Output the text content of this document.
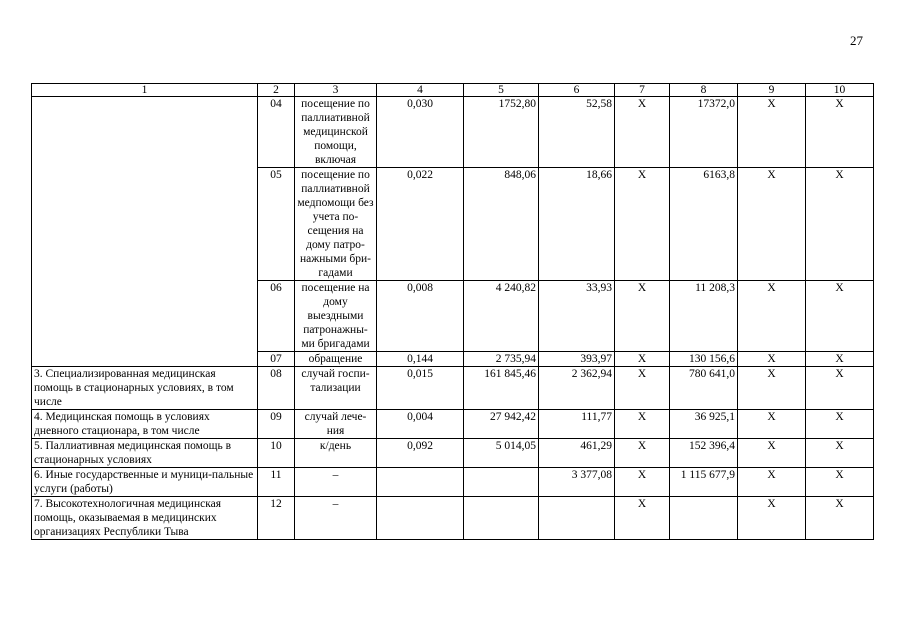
27
1	2	3	4	5	6	7	8	9	10
	04	посещение по паллиативной медицинской помощи, включая	0,030	1752,80	52,58	X	17372,0	X	X
	05	посещение по паллиативной медпомощи без учета по-сещения на дому патро-нажными бри-гадами	0,022	848,06	18,66	X	6163,8	X	X
	06	посещение на дому выездными патронажны-ми бригадами	0,008	4 240,82	33,93	X	11 208,3	X	X
	07	обращение	0,144	2 735,94	393,97	X	130 156,6	X	X
3. Специализированная медицинская помощь в стационарных условиях, в том числе	08	случай госпи-тализации	0,015	161 845,46	2 362,94	X	780 641,0	X	X
4. Медицинская помощь в условиях дневного стационара, в том числе	09	случай лече-ния	0,004	27 942,42	111,77	X	36 925,1	X	X
5. Паллиативная медицинская помощь в стационарных условиях	10	к/день	0,092	5 014,05	461,29	X	152 396,4	X	X
6. Иные государственные и муници-пальные услуги (работы)	11	–			3 377,08	X	1 115 677,9	X	X
7. Высокотехнологичная медицинская помощь, оказываемая в медицинских организациях Республики Тыва	12	–				X		X	X
